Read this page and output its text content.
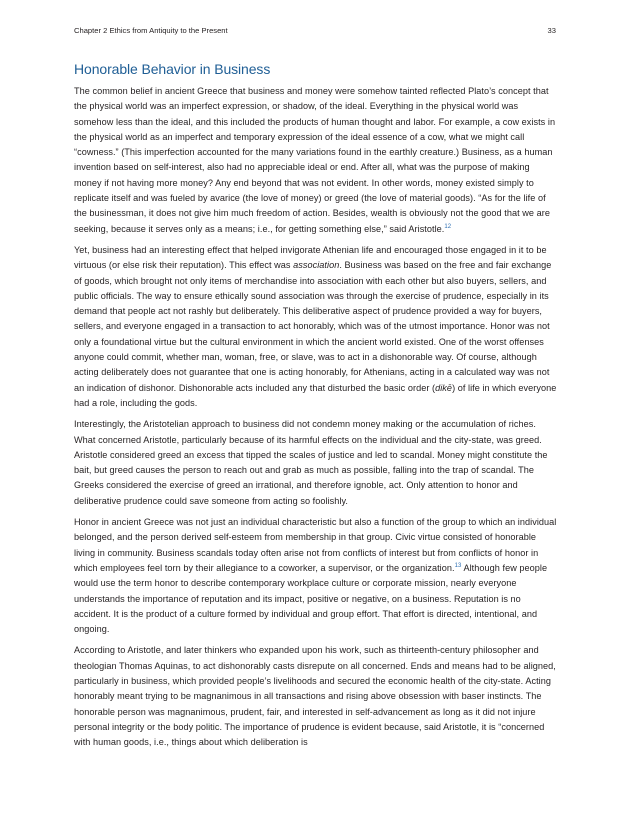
Chapter 2 Ethics from Antiquity to the Present	33
Honorable Behavior in Business

The common belief in ancient Greece that business and money were somehow tainted reflected Plato’s concept that the physical world was an imperfect expression, or shadow, of the ideal. Everything in the physical world was somehow less than the ideal, and this included the products of human thought and labor. For example, a cow exists in the physical world as an imperfect and temporary expression of the ideal essence of a cow, what we might call “cowness.” (This imperfection accounted for the many variations found in the earthly creature.) Business, as a human invention based on self-interest, also had no appreciable ideal or end. After all, what was the purpose of making money if not having more money? Any end beyond that was not evident. In other words, money existed simply to replicate itself and was fueled by avarice (the love of money) or greed (the love of material goods). “As for the life of the businessman, it does not give him much freedom of action. Besides, wealth is obviously not the good that we are seeking, because it serves only as a means; i.e., for getting something else,” said Aristotle.$^{12}$

Yet, business had an interesting effect that helped invigorate Athenian life and encouraged those engaged in it to be virtuous (or else risk their reputation). This effect was association. Business was based on the free and fair exchange of goods, which brought not only items of merchandise into association with each other but also buyers, sellers, and public officials. The way to ensure ethically sound association was through the exercise of prudence, especially in its demand that people act not rashly but deliberately. This deliberative aspect of prudence provided a way for buyers, sellers, and everyone engaged in a transaction to act honorably, which was of the utmost importance. Honor was not only a foundational virtue but the cultural environment in which the ancient world existed. One of the worst offenses anyone could commit, whether man, woman, free, or slave, was to act in a dishonorable way. Of course, although acting deliberately does not guarantee that one is acting honorably, for Athenians, acting in a calculated way was not an indication of dishonor. Dishonorable acts included any that disturbed the basic order (dikē) of life in which everyone had a role, including the gods.

Interestingly, the Aristotelian approach to business did not condemn money making or the accumulation of riches. What concerned Aristotle, particularly because of its harmful effects on the individual and the city-state, was greed. Aristotle considered greed an excess that tipped the scales of justice and led to scandal. Money might constitute the bait, but greed causes the person to reach out and grab as much as possible, falling into the trap of scandal. The Greeks considered the exercise of greed an irrational, and therefore ignoble, act. Only attention to honor and deliberative prudence could save someone from acting so foolishly.

Honor in ancient Greece was not just an individual characteristic but also a function of the group to which an individual belonged, and the person derived self-esteem from membership in that group. Civic virtue consisted of honorable living in community. Business scandals today often arise not from conflicts of interest but from conflicts of honor in which employees feel torn by their allegiance to a coworker, a supervisor, or the organization.$^{13}$ Although few people would use the term honor to describe contemporary workplace culture or corporate mission, nearly everyone understands the importance of reputation and its impact, positive or negative, on a business. Reputation is no accident. It is the product of a culture formed by individual and group effort. That effort is directed, intentional, and ongoing.

According to Aristotle, and later thinkers who expanded upon his work, such as thirteenth-century philosopher and theologian Thomas Aquinas, to act dishonorably casts disrepute on all concerned. Ends and means had to be aligned, particularly in business, which provided people’s livelihoods and secured the economic health of the city-state. Acting honorably meant trying to be magnanimous in all transactions and rising above obsession with baser instincts. The honorable person was magnanimous, prudent, fair, and interested in self-advancement as long as it did not injure personal integrity or the body politic. The importance of prudence is evident because, said Aristotle, it is “concerned with human goods, i.e., things about which deliberation is
